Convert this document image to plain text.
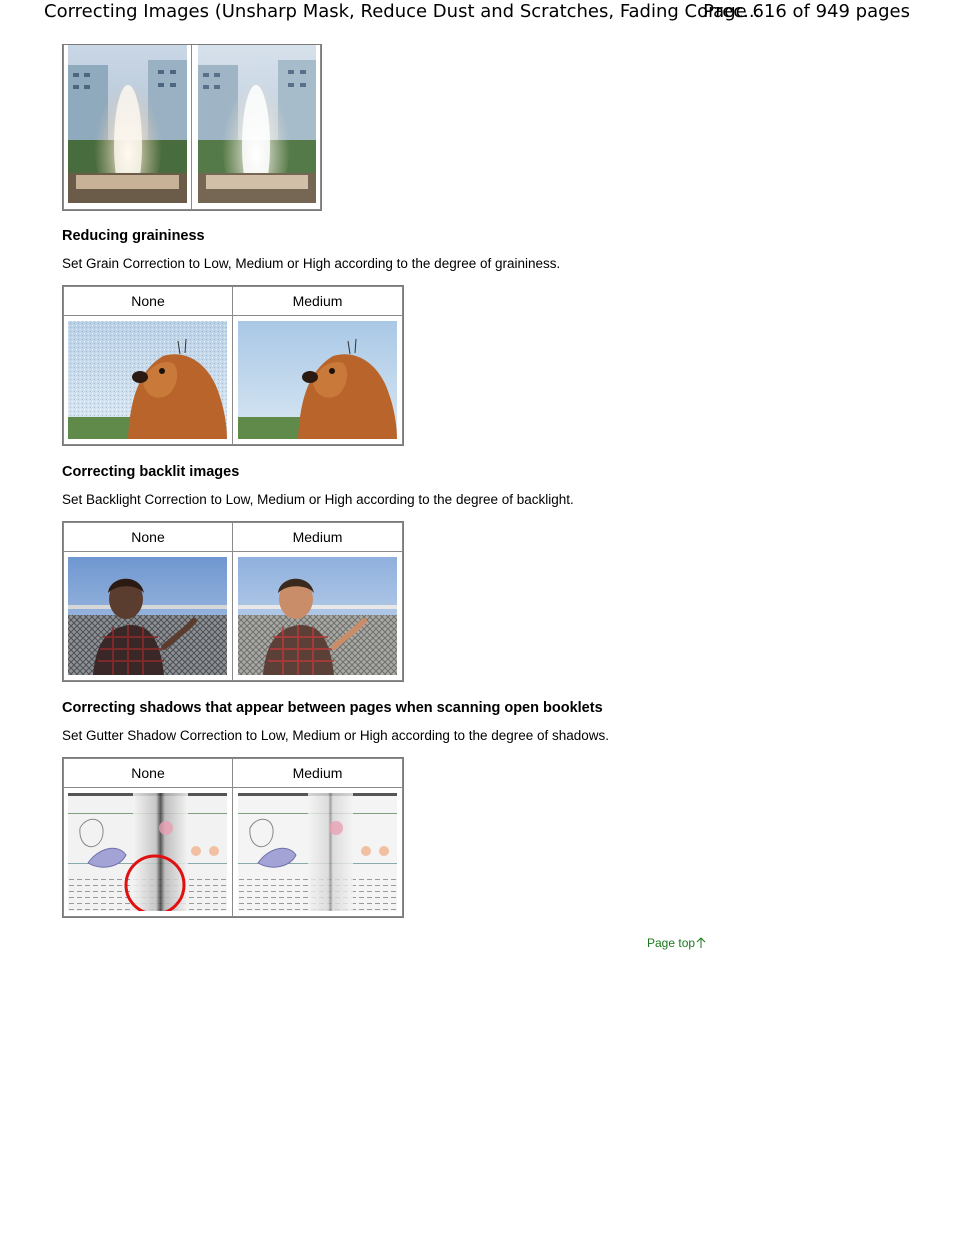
Correcting Images (Unsharp Mask, Reduce Dust and Scratches, Fading Correc...
Page 616 of 949 pages
Reducing graininess

Set Grain Correction to Low, Medium or High according to the degree of graininess.

None	Medium
Correcting backlit images

Set Backlight Correction to Low, Medium or High according to the degree of backlight.

None	Medium
Correcting shadows that appear between pages when scanning open booklets

Set Gutter Shadow Correction to Low, Medium or High according to the degree of shadows.

None	Medium
Page top
